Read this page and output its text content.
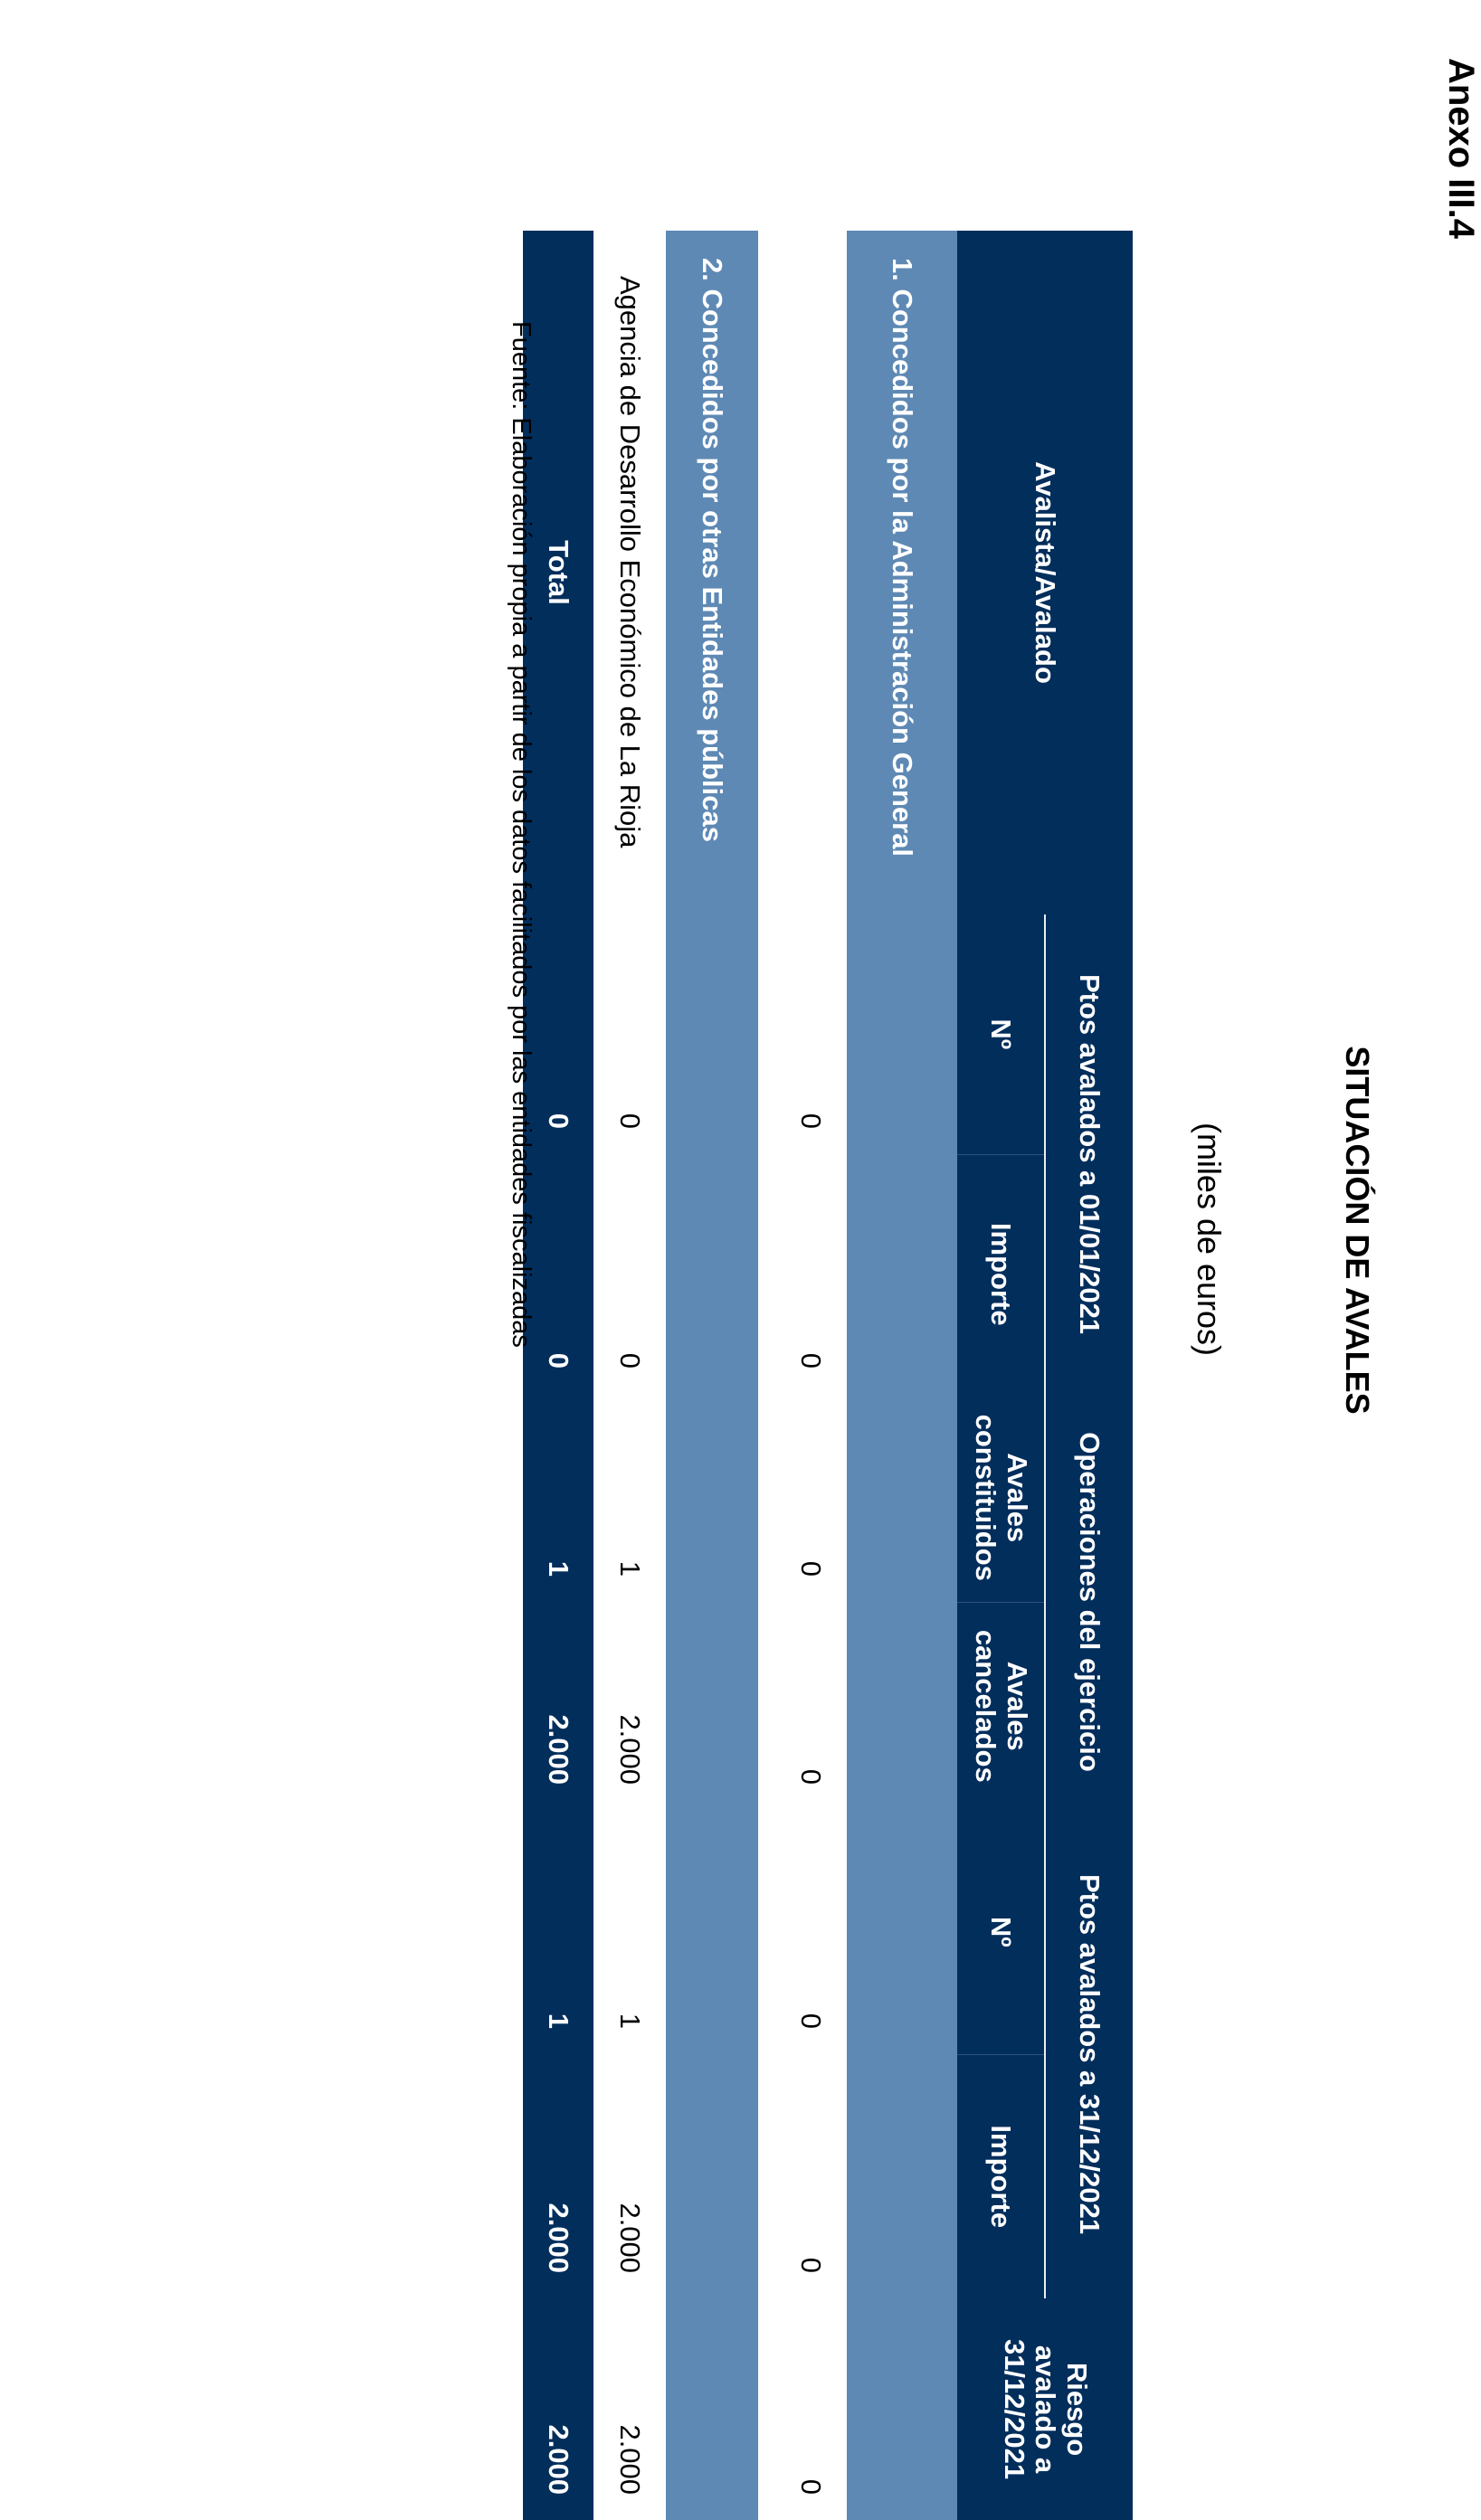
Anexo III.4
SITUACIÓN DE AVALES
(miles de euros)
Avalista/Avalado	Ptos avalados a 01/01/2021		Operaciones del ejercicio		Ptos avalados a 31/12/2021		Riesgo avalado a 31/12/2021
	Nº	Importe	Avales constituidos	Avales cancelados	Nº	Importe	
1. Concedidos por la Administración General							
	0	0	0	0	0	0	0

2. Concedidos por otras Entidades públicas							
Agencia de Desarrollo Económico de La Rioja	0	0	1	2.000	1	2.000	2.000
Total	0	0	1	2.000	1	2.000	2.000
Fuente: Elaboración propia a partir de los datos facilitados por las entidades fiscalizadas
